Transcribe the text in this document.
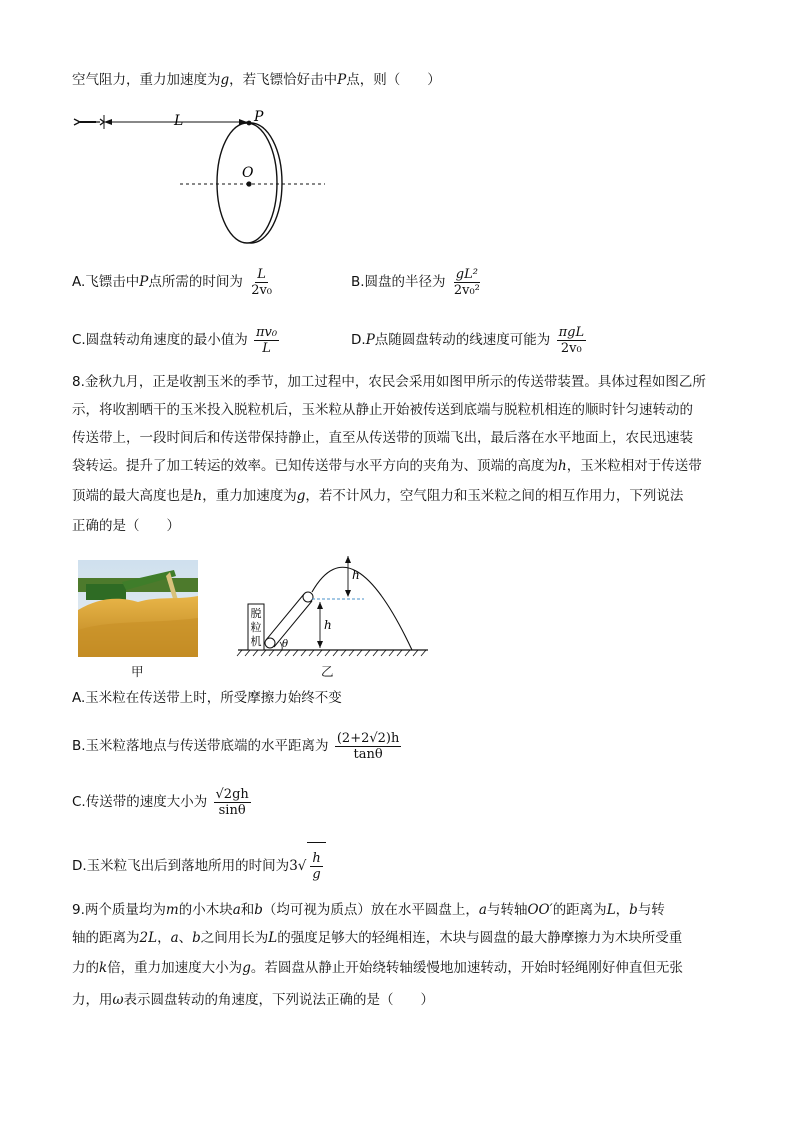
空气阻力，重力加速度为g，若飞镖恰好击中P点，则（　　）
L	P
O
A.飞镖击中P点所需的时间为 $\frac{L}{\text{2v₀}}$	B.圆盘的半径为 $\frac{\text{gL²}}{\text{2v₀²}}$
C.圆盘转动角速度的最小值为 $\frac{\text{πv₀}}{L}$	D.P点随圆盘转动的线速度可能为 $\frac{\text{πgL}}{\text{2v₀}}$
8.金秋九月，正是收割玉米的季节，加工过程中，农民会采用如图甲所示的传送带装置。具体过程如图乙所
示，将收割晒干的玉米投入脱粒机后，玉米粒从静止开始被传送到底端与脱粒机相连的顺时针匀速转动的
传送带上，一段时间后和传送带保持静止，直至从传送带的顶端飞出，最后落在水平地面上，农民迅速装
袋转运。提升了加工转运的效率。已知传送带与水平方向的夹角为、顶端的高度为h，玉米粒相对于传送带
顶端的最大高度也是h，重力加速度为g，若不计风力，空气阻力和玉米粒之间的相互作用力，下列说法
正确的是（　　）
甲
脱
粒
机 θ
h
h
乙
A.玉米粒在传送带上时，所受摩擦力始终不变
B.玉米粒落地点与传送带底端的水平距离为 $\frac{(2+2√2)h}{\tan\theta}$
C.传送带的速度大小为 $\frac{√2gh}{\sin\theta}$
D.玉米粒飞出后到落地所用的时间为$3√ \frac{h}{g}$
9.两个质量均为m的小木块a和b（均可视为质点）放在水平圆盘上，a与转轴OO′的距离为L，b与转
轴的距离为2L，a、b之间用长为L的强度足够大的轻绳相连，木块与圆盘的最大静摩擦力为木块所受重
力的k倍，重力加速度大小为g。若圆盘从静止开始绕转轴缓慢地加速转动，开始时轻绳刚好伸直但无张
力，用ω表示圆盘转动的角速度，下列说法正确的是（　　）
